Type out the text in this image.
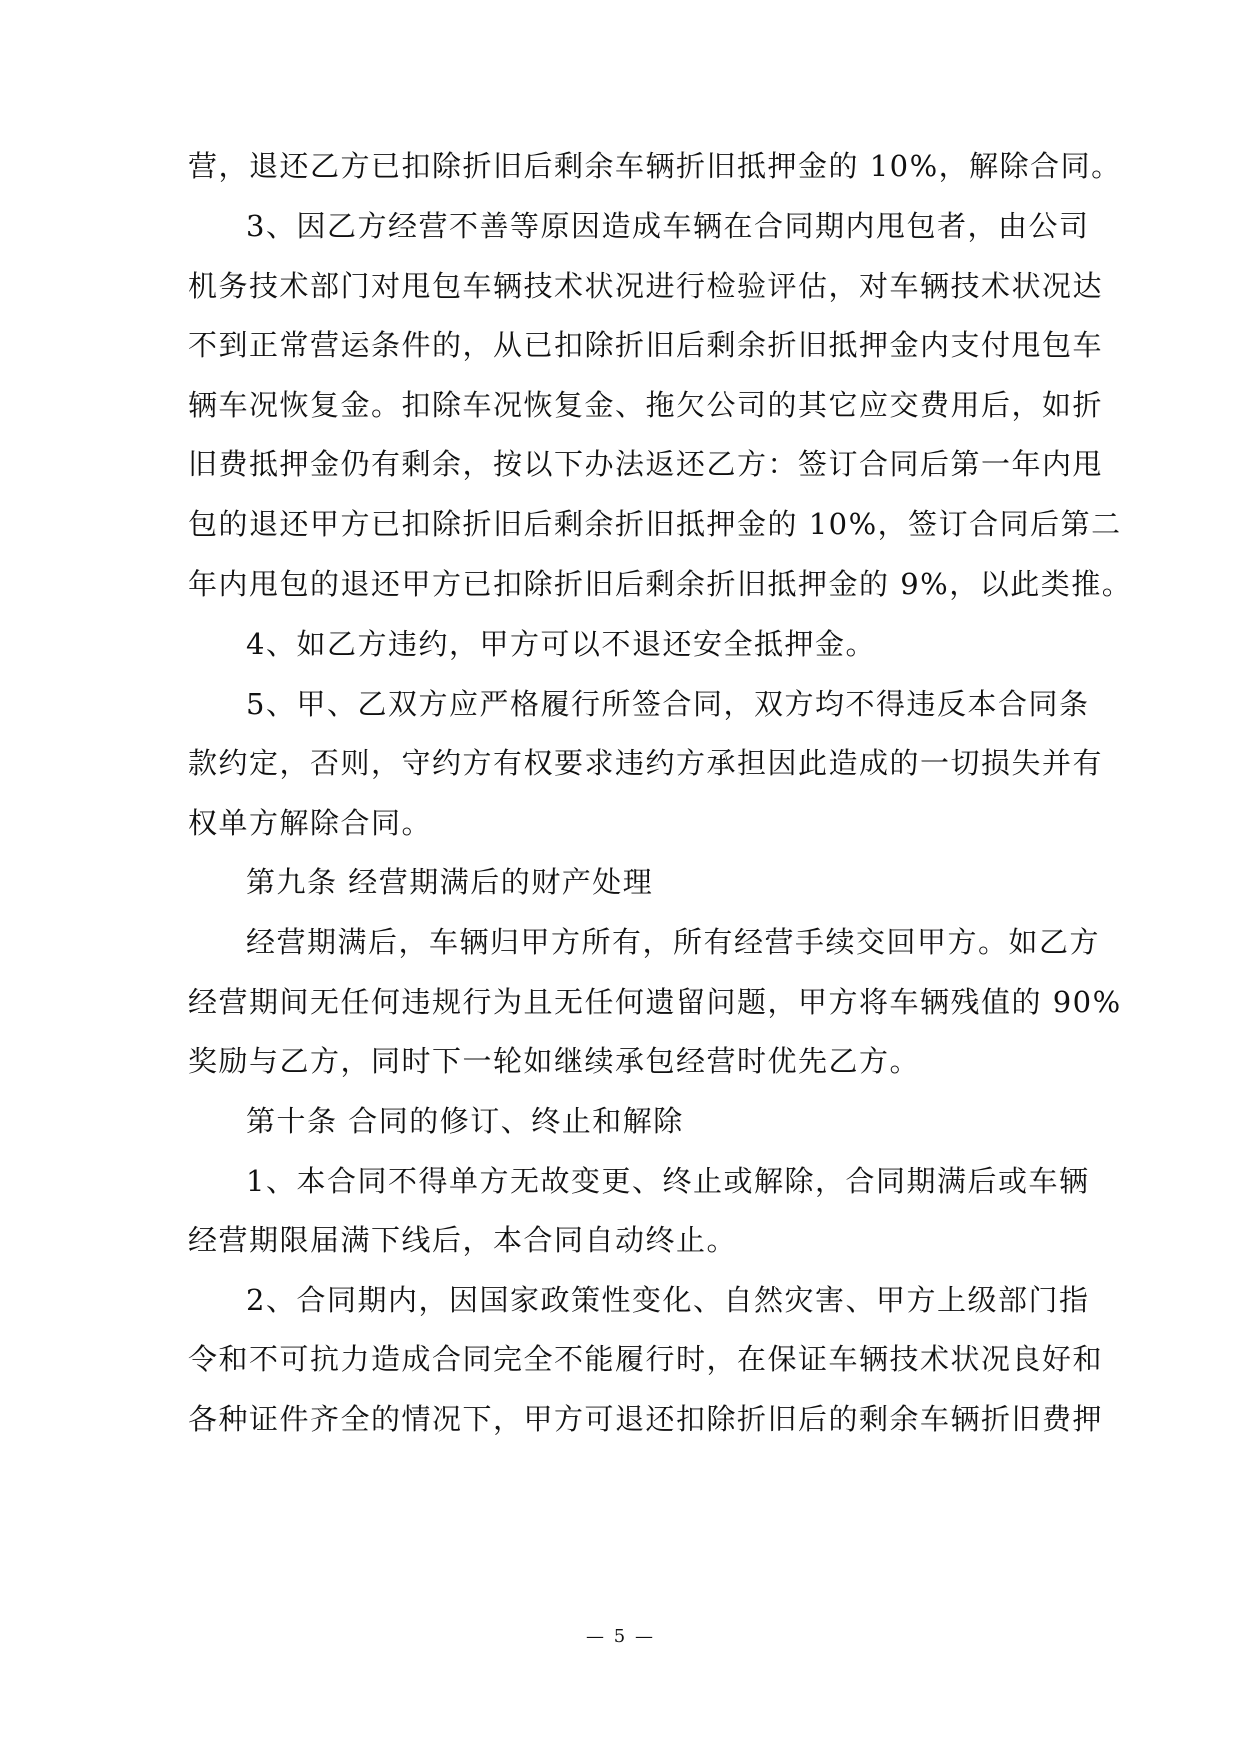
营，退还乙方已扣除折旧后剩余车辆折旧抵押金的 10%，解除合同。
3、因乙方经营不善等原因造成车辆在合同期内甩包者，由公司
机务技术部门对甩包车辆技术状况进行检验评估，对车辆技术状况达
不到正常营运条件的，从已扣除折旧后剩余折旧抵押金内支付甩包车
辆车况恢复金。扣除车况恢复金、拖欠公司的其它应交费用后，如折
旧费抵押金仍有剩余，按以下办法返还乙方：签订合同后第一年内甩
包的退还甲方已扣除折旧后剩余折旧抵押金的 10%，签订合同后第二
年内甩包的退还甲方已扣除折旧后剩余折旧抵押金的 9%，以此类推。
4、如乙方违约，甲方可以不退还安全抵押金。
5、甲、乙双方应严格履行所签合同，双方均不得违反本合同条
款约定，否则，守约方有权要求违约方承担因此造成的一切损失并有
权单方解除合同。
第九条 经营期满后的财产处理
经营期满后，车辆归甲方所有，所有经营手续交回甲方。如乙方
经营期间无任何违规行为且无任何遗留问题，甲方将车辆残值的 90%
奖励与乙方，同时下一轮如继续承包经营时优先乙方。
第十条 合同的修订、终止和解除
1、本合同不得单方无故变更、终止或解除，合同期满后或车辆
经营期限届满下线后，本合同自动终止。
2、合同期内，因国家政策性变化、自然灾害、甲方上级部门指
令和不可抗力造成合同完全不能履行时，在保证车辆技术状况良好和
各种证件齐全的情况下，甲方可退还扣除折旧后的剩余车辆折旧费押
— 5 —
